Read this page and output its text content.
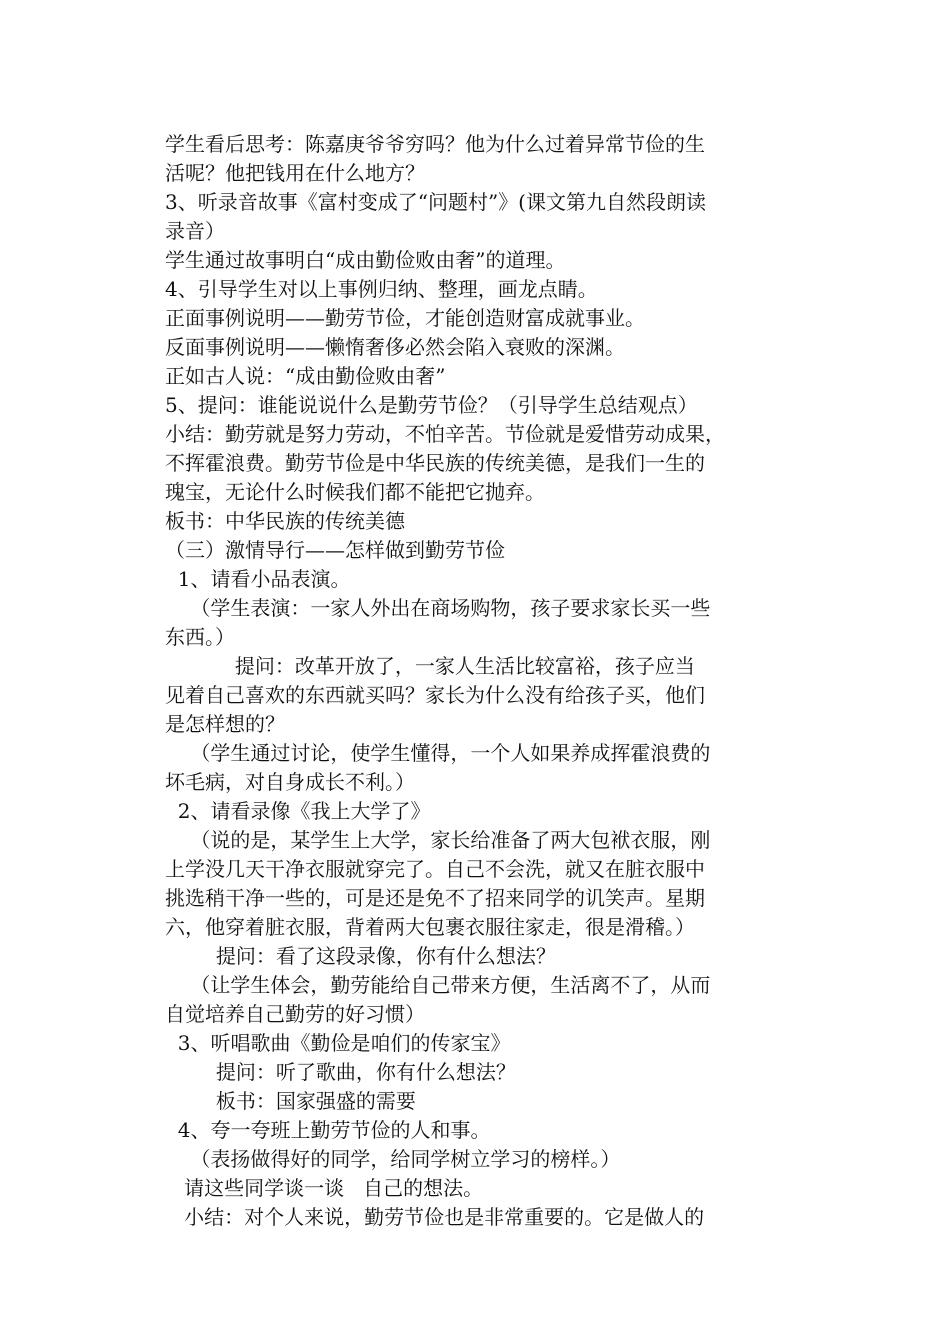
学生看后思考：陈嘉庚爷爷穷吗？他为什么过着异常节俭的生
活呢？他把钱用在什么地方？
3、听录音故事《富村变成了“问题村”》(课文第九自然段朗读
录音）
学生通过故事明白“成由勤俭败由奢”的道理。
4、引导学生对以上事例归纳、整理，画龙点睛。
正面事例说明——勤劳节俭，才能创造财富成就事业。
反面事例说明——懒惰奢侈必然会陷入衰败的深渊。
正如古人说：“成由勤俭败由奢”
5、提问：谁能说说什么是勤劳节俭？（引导学生总结观点）
小结：勤劳就是努力劳动，不怕辛苦。节俭就是爱惜劳动成果，
不挥霍浪费。勤劳节俭是中华民族的传统美德，是我们一生的
瑰宝，无论什么时候我们都不能把它抛弃。
板书：中华民族的传统美德
（三）激情导行——怎样做到勤劳节俭
1、请看小品表演。
（学生表演：一家人外出在商场购物，孩子要求家长买一些
东西。）
提问：改革开放了，一家人生活比较富裕，孩子应当
见着自己喜欢的东西就买吗？家长为什么没有给孩子买，他们
是怎样想的？
（学生通过讨论，使学生懂得，一个人如果养成挥霍浪费的
坏毛病，对自身成长不利。）
2、请看录像《我上大学了》
（说的是，某学生上大学，家长给准备了两大包袱衣服，刚
上学没几天干净衣服就穿完了。自己不会洗，就又在脏衣服中
挑选稍干净一些的，可是还是免不了招来同学的讥笑声。星期
六，他穿着脏衣服，背着两大包裹衣服往家走，很是滑稽。）
提问：看了这段录像，你有什么想法？
（让学生体会，勤劳能给自己带来方便，生活离不了，从而
自觉培养自己勤劳的好习惯）
3、听唱歌曲《勤俭是咱们的传家宝》
提问：听了歌曲，你有什么想法？
板书：国家强盛的需要
4、夸一夸班上勤劳节俭的人和事。
（表扬做得好的同学，给同学树立学习的榜样。）
请这些同学谈一谈   自己的想法。
小结：对个人来说，勤劳节俭也是非常重要的。它是做人的
